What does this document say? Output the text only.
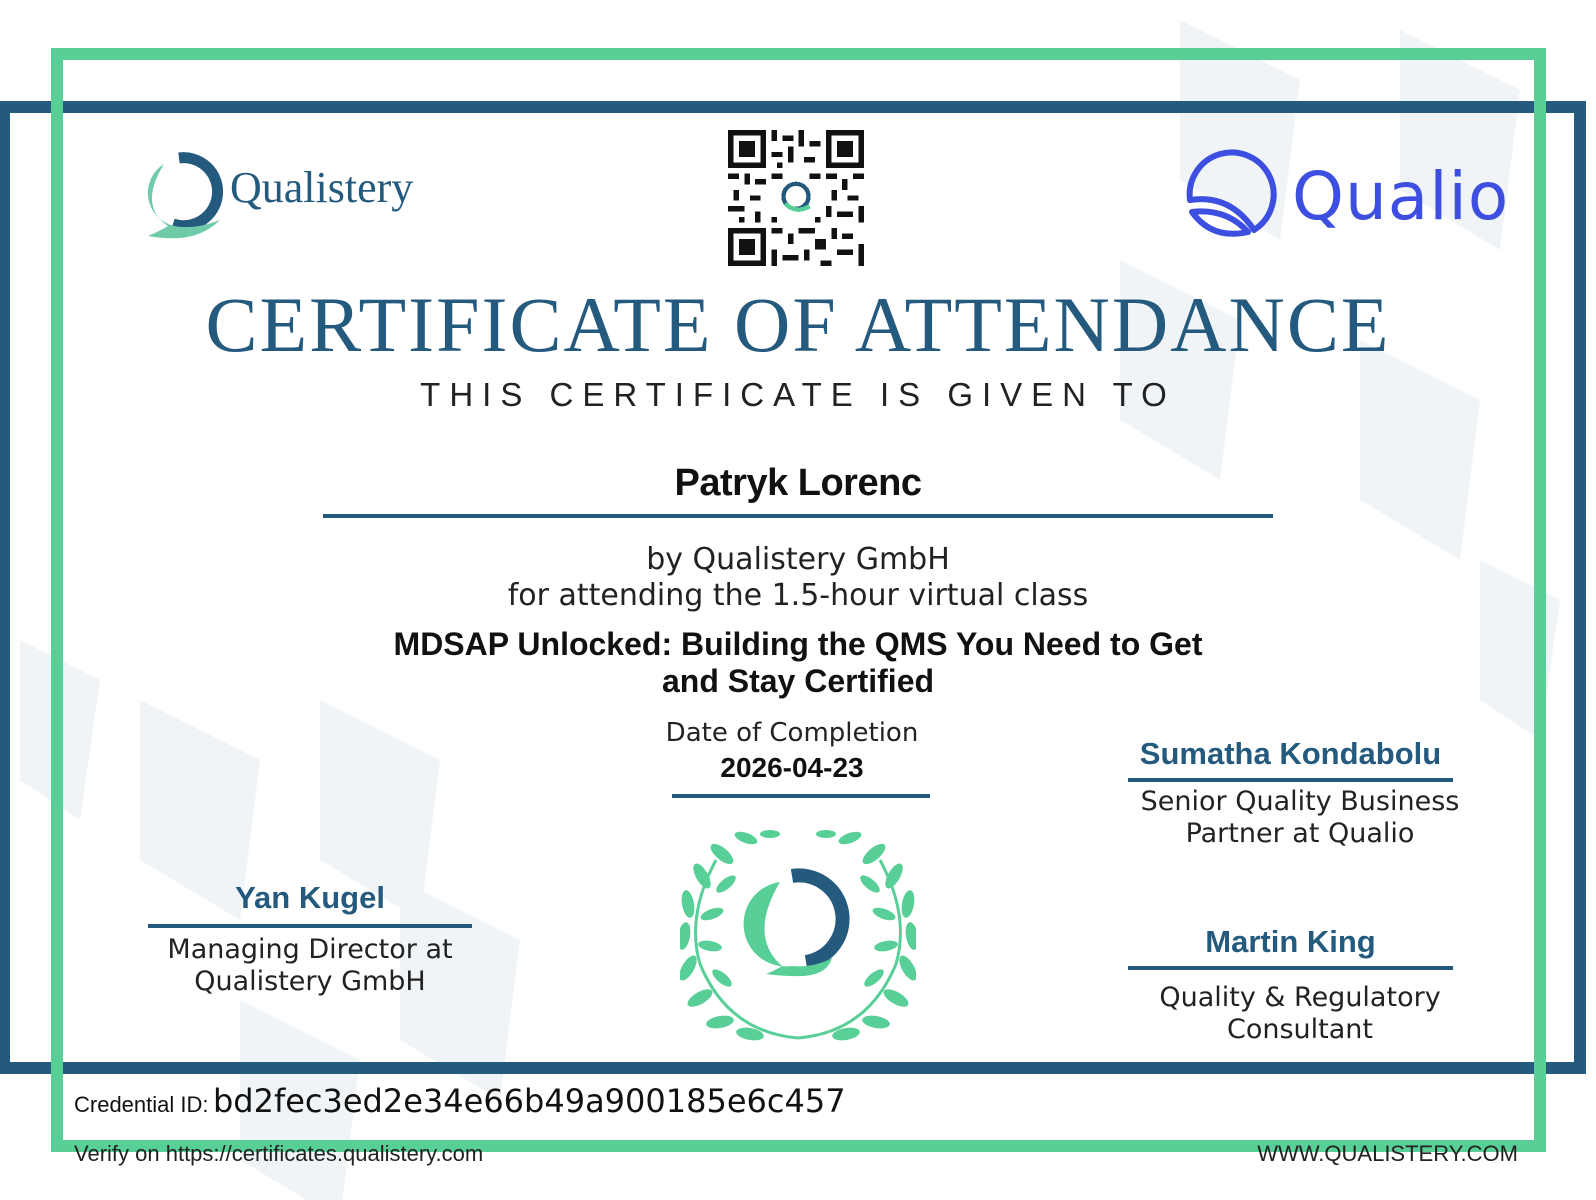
Qualistery	Qualio
CERTIFICATE OF ATTENDANCE
THIS CERTIFICATE IS GIVEN TO
Patryk Lorenc
by Qualistery GmbH
for attending the 1.5-hour virtual class
MDSAP Unlocked: Building the QMS You Need to Get
and Stay Certified
Date of Completion
2026-04-23
Yan Kugel
Managing Director at
Qualistery GmbH
Sumatha Kondabolu
Senior Quality Business
Partner at Qualio
Martin King
Quality & Regulatory
Consultant
Credential ID: bd2fec3ed2e34e66b49a900185e6c457
Verify on https://certificates.qualistery.com	WWW.QUALISTERY.COM
